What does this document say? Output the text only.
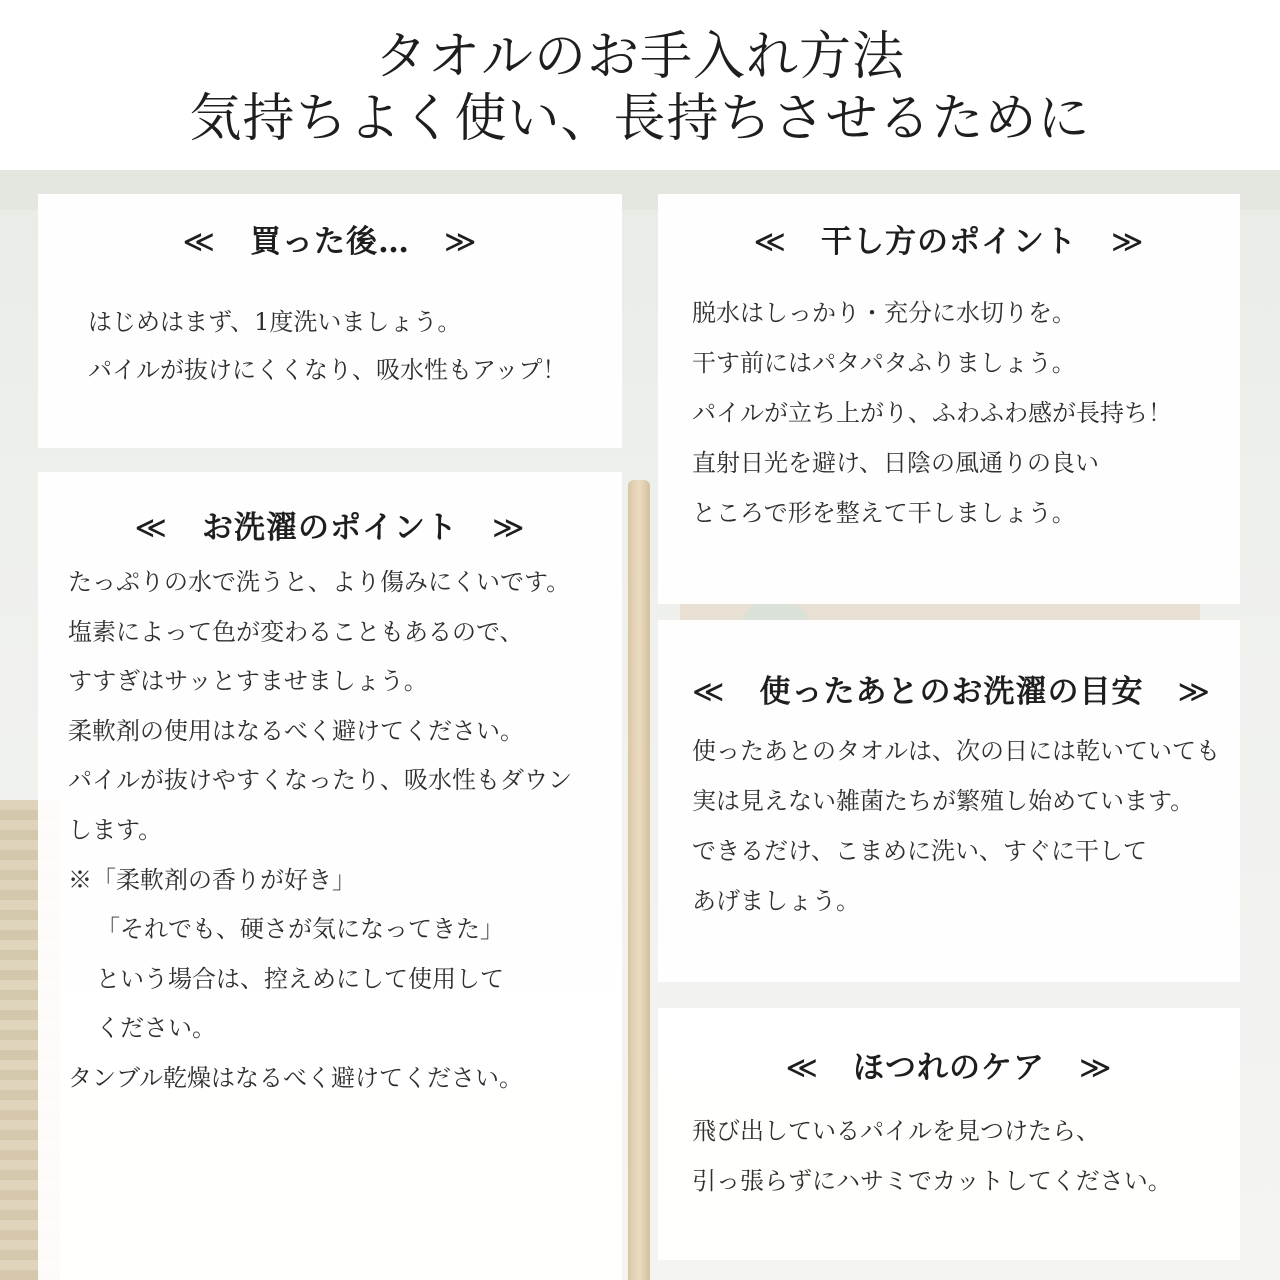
タオルのお手入れ方法
気持ちよく使い、長持ちさせるために
≪ 買った後… ≫
はじめはまず、1度洗いましょう。
パイルが抜けにくくなり、吸水性もアップ！
≪ 干し方のポイント ≫
脱水はしっかり・充分に水切りを。
干す前にはパタパタふりましょう。
パイルが立ち上がり、ふわふわ感が長持ち！
直射日光を避け、日陰の風通りの良い
ところで形を整えて干しましょう。
≪ お洗濯のポイント ≫
たっぷりの水で洗うと、より傷みにくいです。
塩素によって色が変わることもあるので、
すすぎはサッとすませましょう。
柔軟剤の使用はなるべく避けてください。
パイルが抜けやすくなったり、吸水性もダウン
します。
※「柔軟剤の香りが好き」
「それでも、硬さが気になってきた」
という場合は、控えめにして使用して
ください。
タンブル乾燥はなるべく避けてください。
≪ 使ったあとのお洗濯の目安 ≫
使ったあとのタオルは、次の日には乾いていても
実は見えない雑菌たちが繁殖し始めています。
できるだけ、こまめに洗い、すぐに干して
あげましょう。
≪ ほつれのケア ≫
飛び出しているパイルを見つけたら、
引っ張らずにハサミでカットしてください。
